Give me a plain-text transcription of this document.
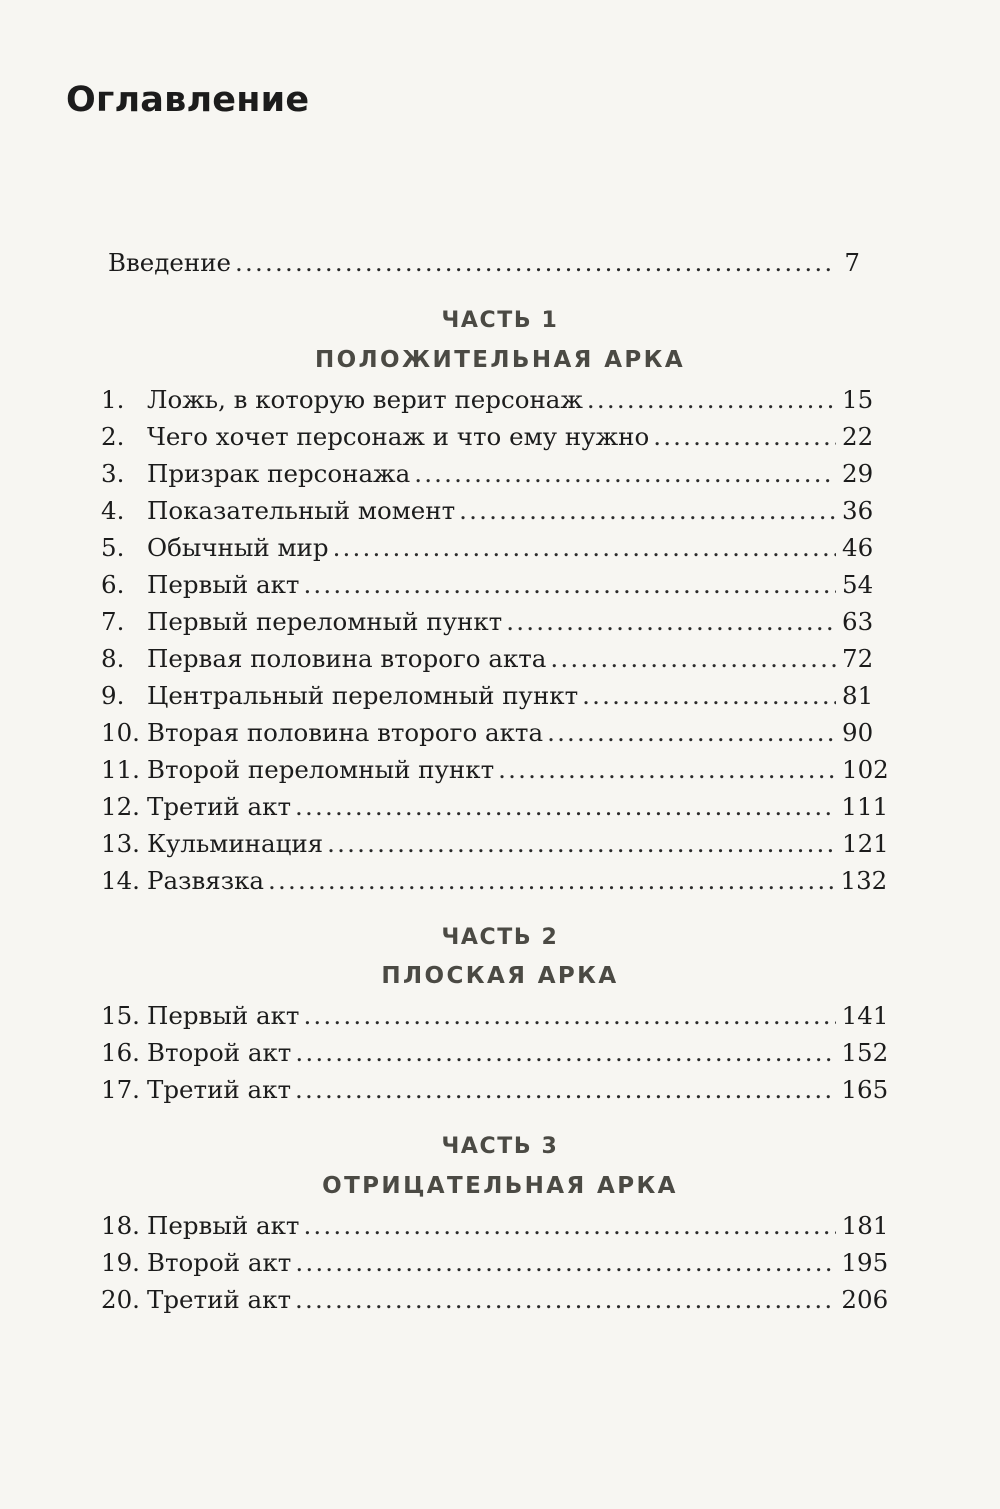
Оглавление
Введение .....	7
ЧАСТЬ 1
ПОЛОЖИТЕЛЬНАЯ АРКА
1. Ложь, в которую верит персонаж .....	15
2. Чего хочет персонаж и что ему нужно .....	22
3. Призрак персонажа .....	29
4. Показательный момент .....	36
5. Обычный мир .....	46
6. Первый акт .....	54
7. Первый переломный пункт .....	63
8. Первая половина второго акта .....	72
9. Центральный переломный пункт .....	81
10. Вторая половина второго акта .....	90
11. Второй переломный пункт .....	102
12. Третий акт .....	111
13. Кульминация .....	121
14. Развязка .....	132
ЧАСТЬ 2
ПЛОСКАЯ АРКА
15. Первый акт .....	141
16. Второй акт .....	152
17. Третий акт .....	165
ЧАСТЬ 3
ОТРИЦАТЕЛЬНАЯ АРКА
18. Первый акт .....	181
19. Второй акт .....	195
20. Третий акт .....	206
